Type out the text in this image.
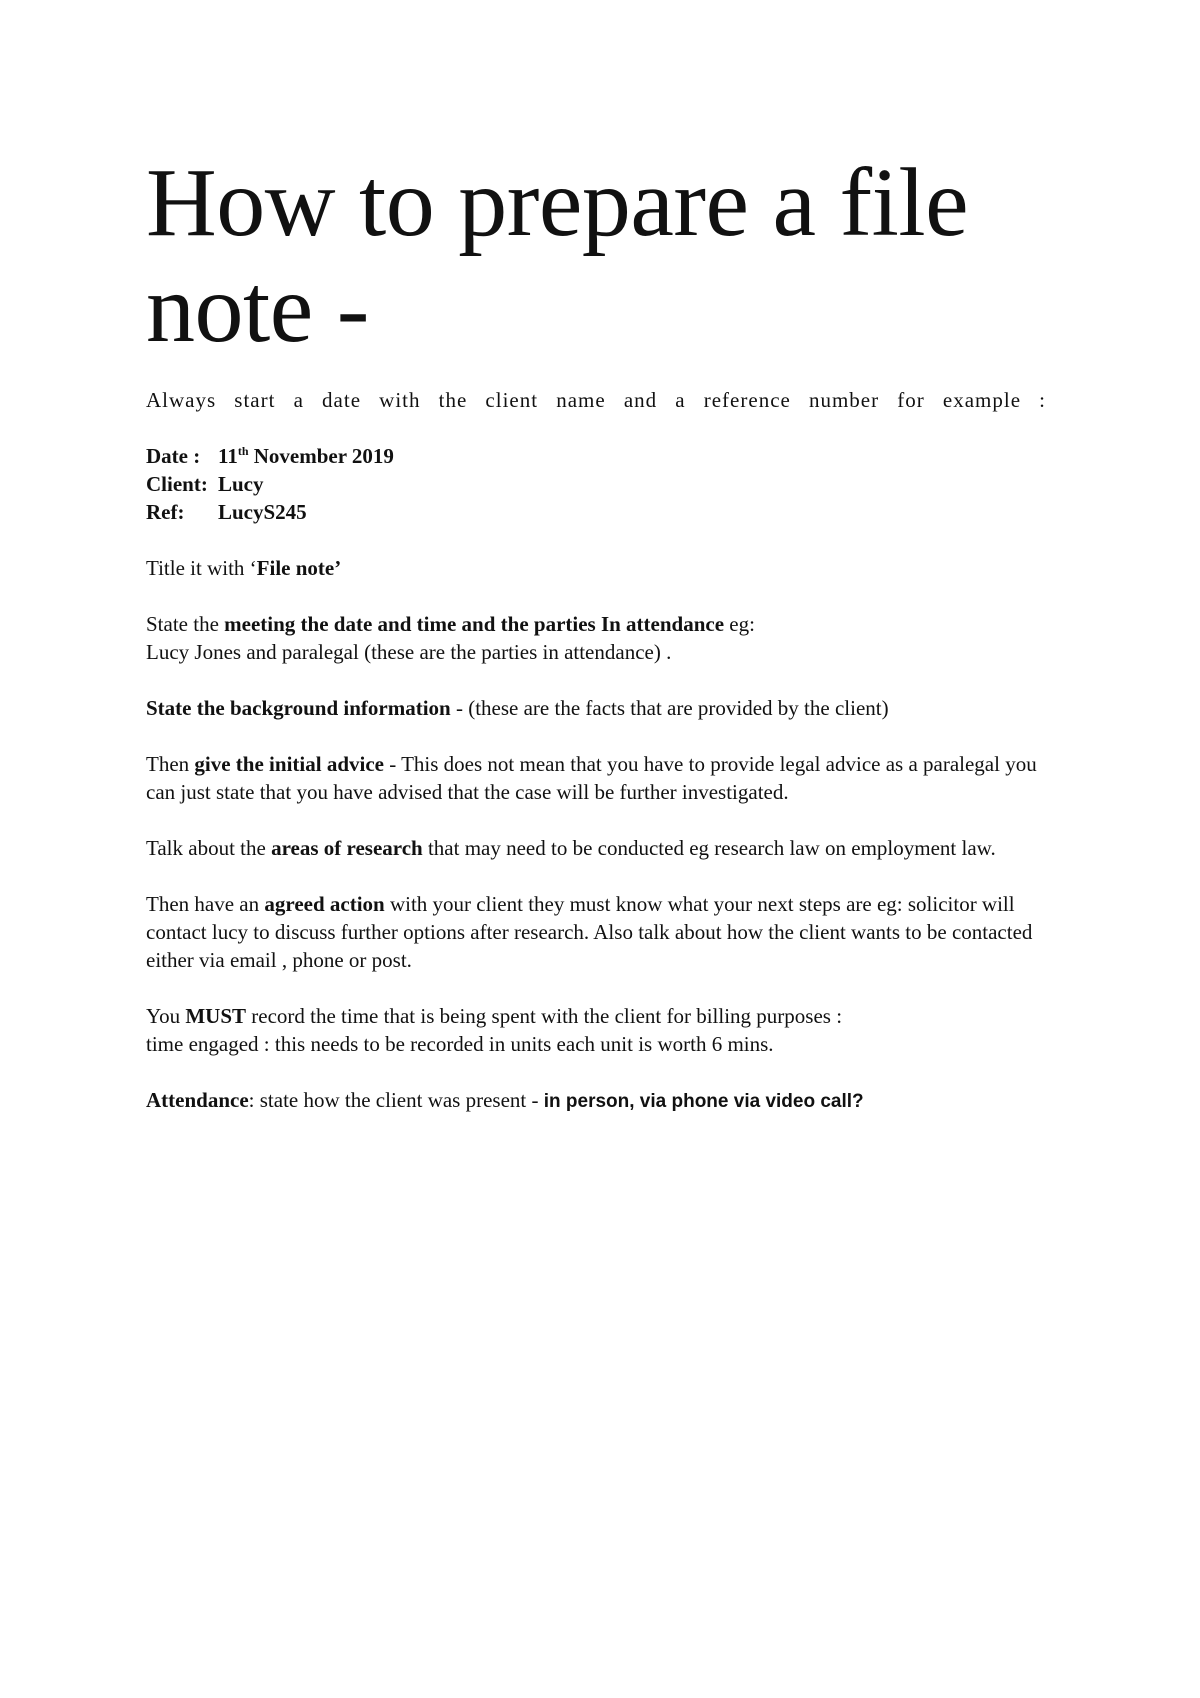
How to prepare a file note -

Always start a date with the client name and a reference number for example :

Date : 11th November 2019
Client: Lucy
Ref:	LucyS245

Title it with ‘File note’

State the meeting the date and time and the parties In attendance eg:
Lucy Jones and paralegal (these are the parties in attendance) .

State the background information - (these are the facts that are provided by the client)

Then give the initial advice - This does not mean that you have to provide legal advice as a paralegal you can just state that you have advised that the case will be further investigated.

Talk about the areas of research that may need to be conducted eg research law on employment law.

Then have an agreed action with your client they must know what your next steps are eg: solicitor will contact lucy to discuss further options after research. Also talk about how the client wants to be contacted either via email , phone or post.

You MUST record the time that is being spent with the client for billing purposes :
time engaged : this needs to be recorded in units each unit is worth 6 mins.

Attendance: state how the client was present - in person, via phone via video call?
